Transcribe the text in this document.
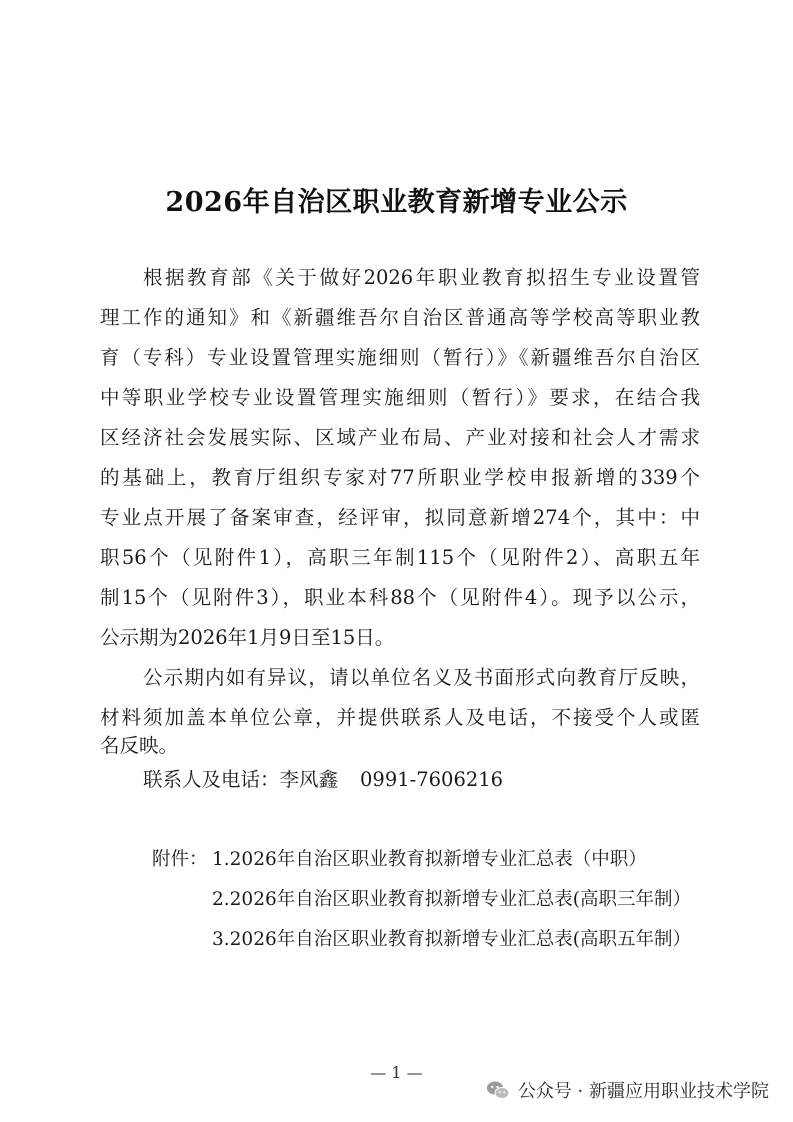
2026年自治区职业教育新增专业公示

根据教育部《关于做好2026年职业教育拟招生专业设置管

理工作的通知》和《新疆维吾尔自治区普通高等学校高等职业教

育（专科）专业设置管理实施细则（暂行）》《新疆维吾尔自治区

中等职业学校专业设置管理实施细则（暂行）》要求，在结合我

区经济社会发展实际、区域产业布局、产业对接和社会人才需求

的基础上，教育厅组织专家对77所职业学校申报新增的339个

专业点开展了备案审查，经评审，拟同意新增274个，其中：中

职56个（见附件1），高职三年制115个（见附件2）、高职五年

制15个（见附件3），职业本科88个（见附件4）。现予以公示，

公示期为2026年1月9日至15日。

公示期内如有异议，请以单位名义及书面形式向教育厅反映，

材料须加盖本单位公章，并提供联系人及电话，不接受个人或匿

名反映。

联系人及电话：李风鑫 0991-7606216

附件： 1.2026年自治区职业教育拟新增专业汇总表（中职）

2.2026年自治区职业教育拟新增专业汇总表(高职三年制）

3.2026年自治区职业教育拟新增专业汇总表(高职五年制）

— 1 —

公众号 · 新疆应用职业技术学院
